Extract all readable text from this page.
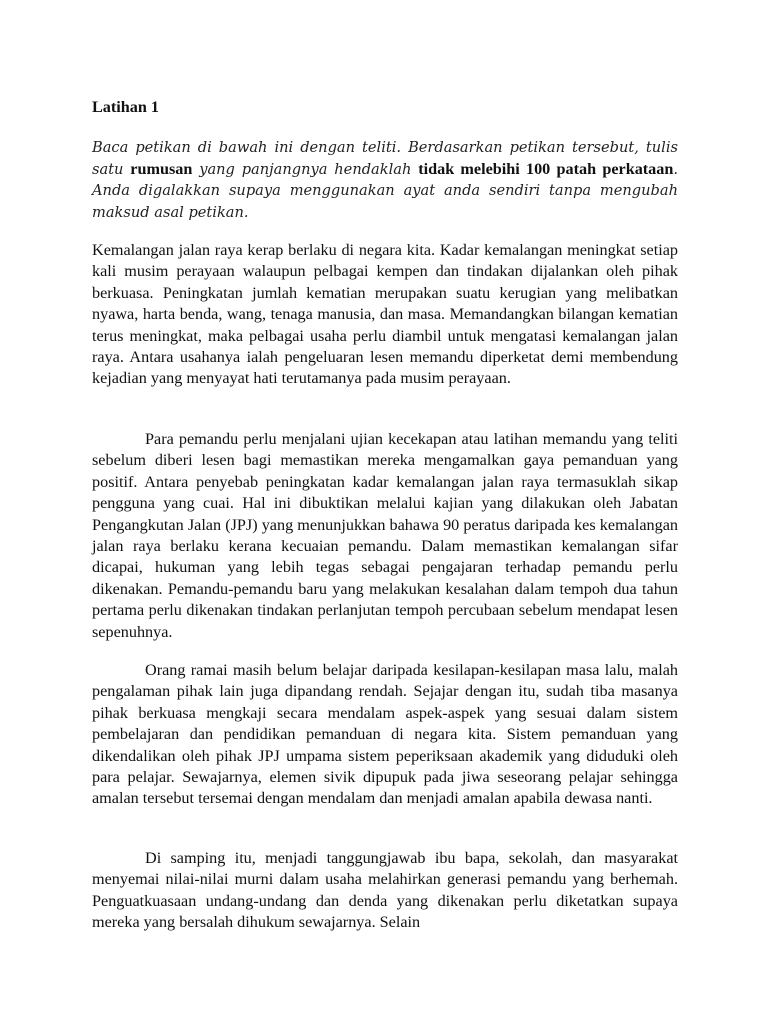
Latihan 1

Baca petikan di bawah ini dengan teliti. Berdasarkan petikan tersebut, tulis satu rumusan yang panjangnya hendaklah tidak melebihi 100 patah perkataan. Anda digalakkan supaya menggunakan ayat anda sendiri tanpa mengubah maksud asal petikan.

Kemalangan jalan raya kerap berlaku di negara kita. Kadar kemalangan meningkat setiap kali musim perayaan walaupun pelbagai kempen dan tindakan dijalankan oleh pihak berkuasa. Peningkatan jumlah kematian merupakan suatu kerugian yang melibatkan nyawa, harta benda, wang, tenaga manusia, dan masa. Memandangkan bilangan kematian terus meningkat, maka pelbagai usaha perlu diambil untuk mengatasi kemalangan jalan raya. Antara usahanya ialah pengeluaran lesen memandu diperketat demi membendung kejadian yang menyayat hati terutamanya pada musim perayaan.

Para pemandu perlu menjalani ujian kecekapan atau latihan memandu yang teliti sebelum diberi lesen bagi memastikan mereka mengamalkan gaya pemanduan yang positif. Antara penyebab peningkatan kadar kemalangan jalan raya termasuklah sikap pengguna yang cuai. Hal ini dibuktikan melalui kajian yang dilakukan oleh Jabatan Pengangkutan Jalan (JPJ) yang menunjukkan bahawa 90 peratus daripada kes kemalangan jalan raya berlaku kerana kecuaian pemandu. Dalam memastikan kemalangan sifar dicapai, hukuman yang lebih tegas sebagai pengajaran terhadap pemandu perlu dikenakan. Pemandu-pemandu baru yang melakukan kesalahan dalam tempoh dua tahun pertama perlu dikenakan tindakan perlanjutan tempoh percubaan sebelum mendapat lesen sepenuhnya.

Orang ramai masih belum belajar daripada kesilapan-kesilapan masa lalu, malah pengalaman pihak lain juga dipandang rendah. Sejajar dengan itu, sudah tiba masanya pihak berkuasa mengkaji secara mendalam aspek-aspek yang sesuai dalam sistem pembelajaran dan pendidikan pemanduan di negara kita. Sistem pemanduan yang dikendalikan oleh pihak JPJ umpama sistem peperiksaan akademik yang diduduki oleh para pelajar. Sewajarnya, elemen sivik dipupuk pada jiwa seseorang pelajar sehingga amalan tersebut tersemai dengan mendalam dan menjadi amalan apabila dewasa nanti.

Di samping itu, menjadi tanggungjawab ibu bapa, sekolah, dan masyarakat menyemai nilai-nilai murni dalam usaha melahirkan generasi pemandu yang berhemah. Penguatkuasaan undang-undang dan denda yang dikenakan perlu diketatkan supaya mereka yang bersalah dihukum sewajarnya. Selain
